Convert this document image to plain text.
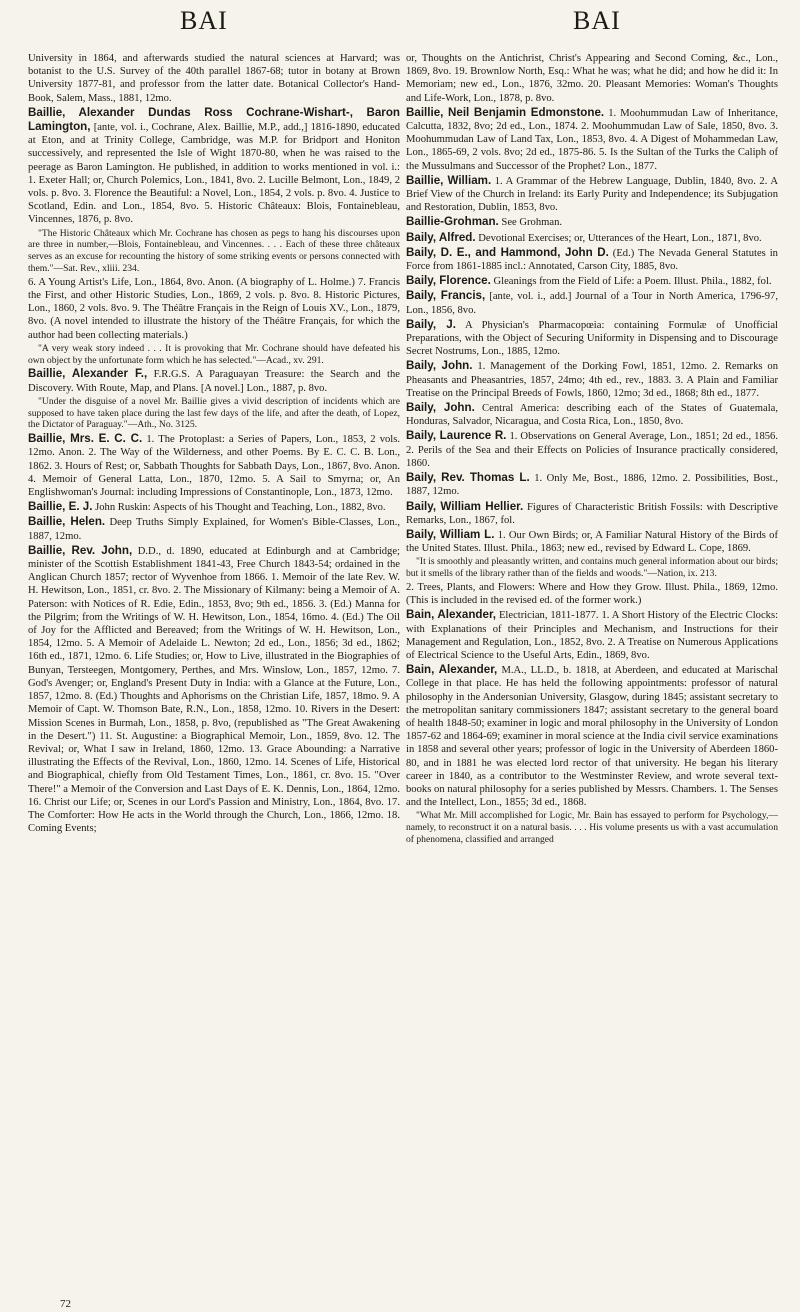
BAI	BAI

University in 1864, and afterwards studied the natural sciences at Harvard; was botanist to the U.S. Survey of the 40th parallel 1867-68; tutor in botany at Brown University 1877-81, and professor from the latter date. Botanical Collector's Hand-Book, Salem, Mass., 1881, 12mo.

Baillie, Alexander Dundas Ross Cochrane-Wishart-, Baron Lamington, [ante, vol. i., Cochrane, Alex. Baillie, M.P., add.,] 1816-1890, educated at Eton, and at Trinity College, Cambridge, was M.P. for Bridport and Honiton successively, and represented the Isle of Wight 1870-80, when he was raised to the peerage as Baron Lamington. He published, in addition to works mentioned in vol. i.: 1. Exeter Hall; or, Church Polemics, Lon., 1841, 8vo. 2. Lucille Belmont, Lon., 1849, 2 vols. p. 8vo. 3. Florence the Beautiful: a Novel, Lon., 1854, 2 vols. p. 8vo. 4. Justice to Scotland, Edin. and Lon., 1854, 8vo. 5. Historic Châteaux: Blois, Fontainebleau, Vincennes, 1876, p. 8vo.

"The Historic Châteaux which Mr. Cochrane has chosen as pegs to hang his discourses upon are three in number,—Blois, Fontainebleau, and Vincennes. . . . Each of these three châteaux serves as an excuse for recounting the history of some striking events or persons connected with them."—Sat. Rev., xliii. 234.

6. A Young Artist's Life, Lon., 1864, 8vo. Anon. (A biography of L. Holme.) 7. Francis the First, and other Historic Studies, Lon., 1869, 2 vols. p. 8vo. 8. Historic Pictures, Lon., 1860, 2 vols. 8vo. 9. The Théâtre Français in the Reign of Louis XV., Lon., 1879, 8vo. (A novel intended to illustrate the history of the Théâtre Français, for which the author had been collecting materials.)

"A very weak story indeed . . . It is provoking that Mr. Cochrane should have defeated his own object by the unfortunate form which he has selected."—Acad., xv. 291.

Baillie, Alexander F., F.R.G.S. A Paraguayan Treasure: the Search and the Discovery. With Route, Map, and Plans. [A novel.] Lon., 1887, p. 8vo.

"Under the disguise of a novel Mr. Baillie gives a vivid description of incidents which are supposed to have taken place during the last few days of the life, and after the death, of Lopez, the Dictator of Paraguay."—Ath., No. 3125.

Baillie, Mrs. E. C. C. 1. The Protoplast: a Series of Papers, Lon., 1853, 2 vols. 12mo. Anon. 2. The Way of the Wilderness, and other Poems. By E. C. C. B. Lon., 1862. 3. Hours of Rest; or, Sabbath Thoughts for Sabbath Days, Lon., 1867, 8vo. Anon. 4. Memoir of General Latta, Lon., 1870, 12mo. 5. A Sail to Smyrna; or, An Englishwoman's Journal: including Impressions of Constantinople, Lon., 1873, 12mo.

Baillie, E. J. John Ruskin: Aspects of his Thought and Teaching, Lon., 1882, 8vo.

Baillie, Helen. Deep Truths Simply Explained, for Women's Bible-Classes, Lon., 1887, 12mo.

Baillie, Rev. John, D.D., d. 1890, educated at Edinburgh and at Cambridge; minister of the Scottish Establishment 1841-43, Free Church 1843-54; ordained in the Anglican Church 1857; rector of Wyvenhoe from 1866. 1. Memoir of the late Rev. W. H. Hewitson, Lon., 1851, cr. 8vo. 2. The Missionary of Kilmany: being a Memoir of A. Paterson: with Notices of R. Edie, Edin., 1853, 8vo; 9th ed., 1856. 3. (Ed.) Manna for the Pilgrim; from the Writings of W. H. Hewitson, Lon., 1854, 16mo. 4. (Ed.) The Oil of Joy for the Afflicted and Bereaved; from the Writings of W. H. Hewitson, Lon., 1854, 12mo. 5. A Memoir of Adelaide L. Newton; 2d ed., Lon., 1856; 3d ed., 1862; 16th ed., 1871, 12mo. 6. Life Studies; or, How to Live, illustrated in the Biographies of Bunyan, Tersteegen, Montgomery, Perthes, and Mrs. Winslow, Lon., 1857, 12mo. 7. God's Avenger; or, England's Present Duty in India: with a Glance at the Future, Lon., 1857, 12mo. 8. (Ed.) Thoughts and Aphorisms on the Christian Life, 1857, 18mo. 9. A Memoir of Capt. W. Thomson Bate, R.N., Lon., 1858, 12mo. 10. Rivers in the Desert: Mission Scenes in Burmah, Lon., 1858, p. 8vo, (republished as "The Great Awakening in the Desert.") 11. St. Augustine: a Biographical Memoir, Lon., 1859, 8vo. 12. The Revival; or, What I saw in Ireland, 1860, 12mo. 13. Grace Abounding: a Narrative illustrating the Effects of the Revival, Lon., 1860, 12mo. 14. Scenes of Life, Historical and Biographical, chiefly from Old Testament Times, Lon., 1861, cr. 8vo. 15. "Over There!" a Memoir of the Conversion and Last Days of E. K. Dennis, Lon., 1864, 12mo. 16. Christ our Life; or, Scenes in our Lord's Passion and Ministry, Lon., 1864, 8vo. 17. The Comforter: How He acts in the World through the Church, Lon., 1866, 12mo. 18. Coming Events;

or, Thoughts on the Antichrist, Christ's Appearing and Second Coming, &c., Lon., 1869, 8vo. 19. Brownlow North, Esq.: What he was; what he did; and how he did it: In Memoriam; new ed., Lon., 1876, 32mo. 20. Pleasant Memories: Woman's Thoughts and Life-Work, Lon., 1878, p. 8vo.

Baillie, Neil Benjamin Edmonstone. 1. Moohummudan Law of Inheritance, Calcutta, 1832, 8vo; 2d ed., Lon., 1874. 2. Moohummudan Law of Sale, 1850, 8vo. 3. Moohummudan Law of Land Tax, Lon., 1853, 8vo. 4. A Digest of Mohammedan Law, Lon., 1865-69, 2 vols. 8vo; 2d ed., 1875-86. 5. Is the Sultan of the Turks the Caliph of the Mussulmans and Successor of the Prophet? Lon., 1877.

Baillie, William. 1. A Grammar of the Hebrew Language, Dublin, 1840, 8vo. 2. A Brief View of the Church in Ireland: its Early Purity and Independence; its Subjugation and Restoration, Dublin, 1853, 8vo.

Baillie-Grohman. See Grohman.

Baily, Alfred. Devotional Exercises; or, Utterances of the Heart, Lon., 1871, 8vo.

Baily, D. E., and Hammond, John D. (Ed.) The Nevada General Statutes in Force from 1861-1885 incl.: Annotated, Carson City, 1885, 8vo.

Baily, Florence. Gleanings from the Field of Life: a Poem. Illust. Phila., 1882, fol.

Baily, Francis, [ante, vol. i., add.] Journal of a Tour in North America, 1796-97, Lon., 1856, 8vo.

Baily, J. A Physician's Pharmacopœia: containing Formulæ of Unofficial Preparations, with the Object of Securing Uniformity in Dispensing and to Discourage Secret Nostrums, Lon., 1885, 12mo.

Baily, John. 1. Management of the Dorking Fowl, 1851, 12mo. 2. Remarks on Pheasants and Pheasantries, 1857, 24mo; 4th ed., rev., 1883. 3. A Plain and Familiar Treatise on the Principal Breeds of Fowls, 1860, 12mo; 3d ed., 1868; 8th ed., 1877.

Baily, John. Central America: describing each of the States of Guatemala, Honduras, Salvador, Nicaragua, and Costa Rica, Lon., 1850, 8vo.

Baily, Laurence R. 1. Observations on General Average, Lon., 1851; 2d ed., 1856. 2. Perils of the Sea and their Effects on Policies of Insurance practically considered, 1860.

Baily, Rev. Thomas L. 1. Only Me, Bost., 1886, 12mo. 2. Possibilities, Bost., 1887, 12mo.

Baily, William Hellier. Figures of Characteristic British Fossils: with Descriptive Remarks, Lon., 1867, fol.

Baily, William L. 1. Our Own Birds; or, A Familiar Natural History of the Birds of the United States. Illust. Phila., 1863; new ed., revised by Edward L. Cope, 1869.

"It is smoothly and pleasantly written, and contains much general information about our birds; but it smells of the library rather than of the fields and woods."—Nation, ix. 213.

2. Trees, Plants, and Flowers: Where and How they Grow. Illust. Phila., 1869, 12mo. (This is included in the revised ed. of the former work.)

Bain, Alexander, Electrician, 1811-1877. 1. A Short History of the Electric Clocks: with Explanations of their Principles and Mechanism, and Instructions for their Management and Regulation, Lon., 1852, 8vo. 2. A Treatise on Numerous Applications of Electrical Science to the Useful Arts, Edin., 1869, 8vo.

Bain, Alexander, M.A., LL.D., b. 1818, at Aberdeen, and educated at Marischal College in that place. He has held the following appointments: professor of natural philosophy in the Andersonian University, Glasgow, during 1845; assistant secretary to the metropolitan sanitary commissioners 1847; assistant secretary to the general board of health 1848-50; examiner in logic and moral philosophy in the University of London 1857-62 and 1864-69; examiner in moral science at the India civil service examinations in 1858 and several other years; professor of logic in the University of Aberdeen 1860-80, and in 1881 he was elected lord rector of that university. He began his literary career in 1840, as a contributor to the Westminster Review, and wrote several text-books on natural philosophy for a series published by Messrs. Chambers. 1. The Senses and the Intellect, Lon., 1855; 3d ed., 1868.

"What Mr. Mill accomplished for Logic, Mr. Bain has essayed to perform for Psychology,—namely, to reconstruct it on a natural basis. . . . His volume presents us with a vast accumulation of phenomena, classified and arranged

72
